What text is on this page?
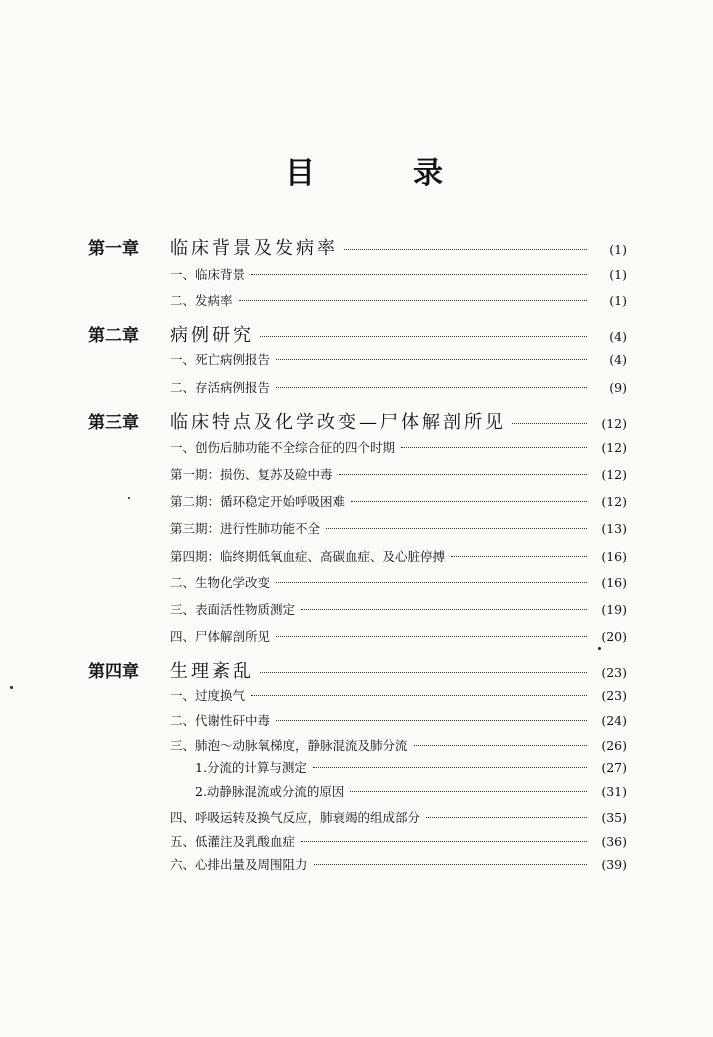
目	录
第一章	临床背景及发病率	(1)
一、临床背景	(1)
二、发病率	(1)
第二章	病例研究	(4)
一、死亡病例报告	(4)
二、存活病例报告	(9)
第三章	临床特点及化学改变—尸体解剖所见	(12)
一、创伤后肺功能不全综合征的四个时期	(12)
第一期：损伤、复苏及硷中毒	(12)
第二期：循环稳定开始呼吸困难	(12)
第三期：进行性肺功能不全	(13)
第四期：临终期低氧血症、高碳血症、及心脏停搏	(16)
二、生物化学改变	(16)
三、表面活性物质测定	(19)
四、尸体解剖所见	(20)
第四章	生理紊乱	(23)
一、过度换气	(23)
二、代谢性矸中毒	(24)
三、肺泡～动脉氧梯度，静脉混流及肺分流	(26)
1.分流的计算与测定	(27)
2.动静脉混流或分流的原因	(31)
四、呼吸运转及换气反应，肺衰竭的组成部分	(35)
五、低灌注及乳酸血症	(36)
六、心排出量及周围阻力	(39)
